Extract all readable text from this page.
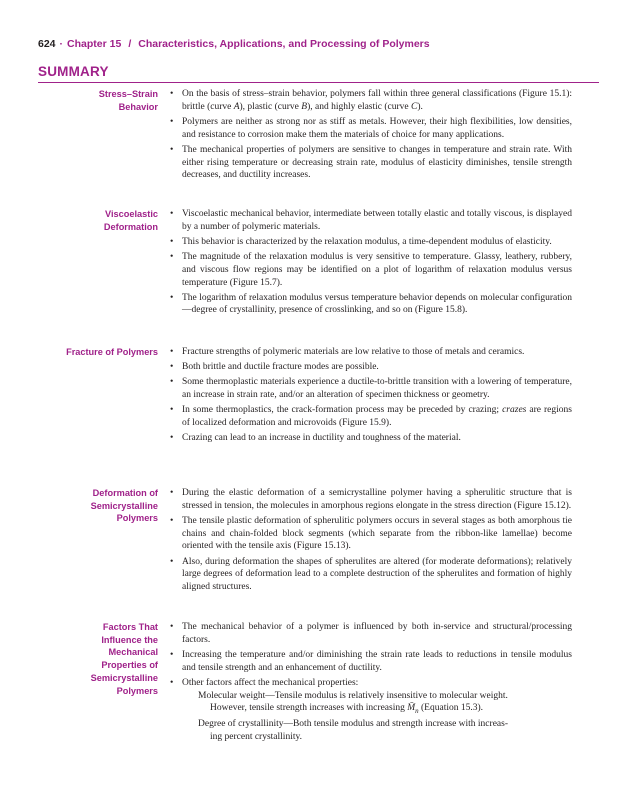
624 · Chapter 15 / Characteristics, Applications, and Processing of Polymers
SUMMARY
Stress–Strain
Behavior
• On the basis of stress–strain behavior, polymers fall within three general classifications (Figure 15.1): brittle (curve A), plastic (curve B), and highly elastic (curve C).
• Polymers are neither as strong nor as stiff as metals. However, their high flexibilities, low densities, and resistance to corrosion make them the materials of choice for many applications.
• The mechanical properties of polymers are sensitive to changes in temperature and strain rate. With either rising temperature or decreasing strain rate, modulus of elasticity diminishes, tensile strength decreases, and ductility increases.
Viscoelastic
Deformation
• Viscoelastic mechanical behavior, intermediate between totally elastic and totally viscous, is displayed by a number of polymeric materials.
• This behavior is characterized by the relaxation modulus, a time-dependent modulus of elasticity.
• The magnitude of the relaxation modulus is very sensitive to temperature. Glassy, leathery, rubbery, and viscous flow regions may be identified on a plot of logarithm of relaxation modulus versus temperature (Figure 15.7).
• The logarithm of relaxation modulus versus temperature behavior depends on molecular configuration—degree of crystallinity, presence of crosslinking, and so on (Figure 15.8).
Fracture of Polymers
•	Fracture strengths of polymeric materials are low relative to those of metals and ceramics.
• Both brittle and ductile fracture modes are possible.
• Some thermoplastic materials experience a ductile-to-brittle transition with a lowering of temperature, an increase in strain rate, and/or an alteration of specimen thickness or geometry.
• In some thermoplastics, the crack-formation process may be preceded by crazing; crazes are regions of localized deformation and microvoids (Figure 15.9).
• Crazing can lead to an increase in ductility and toughness of the material.
Deformation of
Semicrystalline
Polymers
• During the elastic deformation of a semicrystalline polymer having a spherulitic structure that is stressed in tension, the molecules in amorphous regions elongate in the stress direction (Figure 15.12).
• The tensile plastic deformation of spherulitic polymers occurs in several stages as both amorphous tie chains and chain-folded block segments (which separate from the ribbon-like lamellae) become oriented with the tensile axis (Figure 15.13).
• Also, during deformation the shapes of spherulites are altered (for moderate deformations); relatively large degrees of deformation lead to a complete destruction of the spherulites and formation of highly aligned structures.
Factors That
Influence the
Mechanical
Properties of
Semicrystalline
Polymers
• The mechanical behavior of a polymer is influenced by both in-service and structural/processing factors.
• Increasing the temperature and/or diminishing the strain rate leads to reductions in tensile modulus and tensile strength and an enhancement of ductility.
• Other factors affect the mechanical properties:
Molecular weight—Tensile modulus is relatively insensitive to molecular weight.
However, tensile strength increases with increasing $M̄_n$ (Equation 15.3).
Degree of crystallinity—Both tensile modulus and strength increase with increas-
ing percent crystallinity.
